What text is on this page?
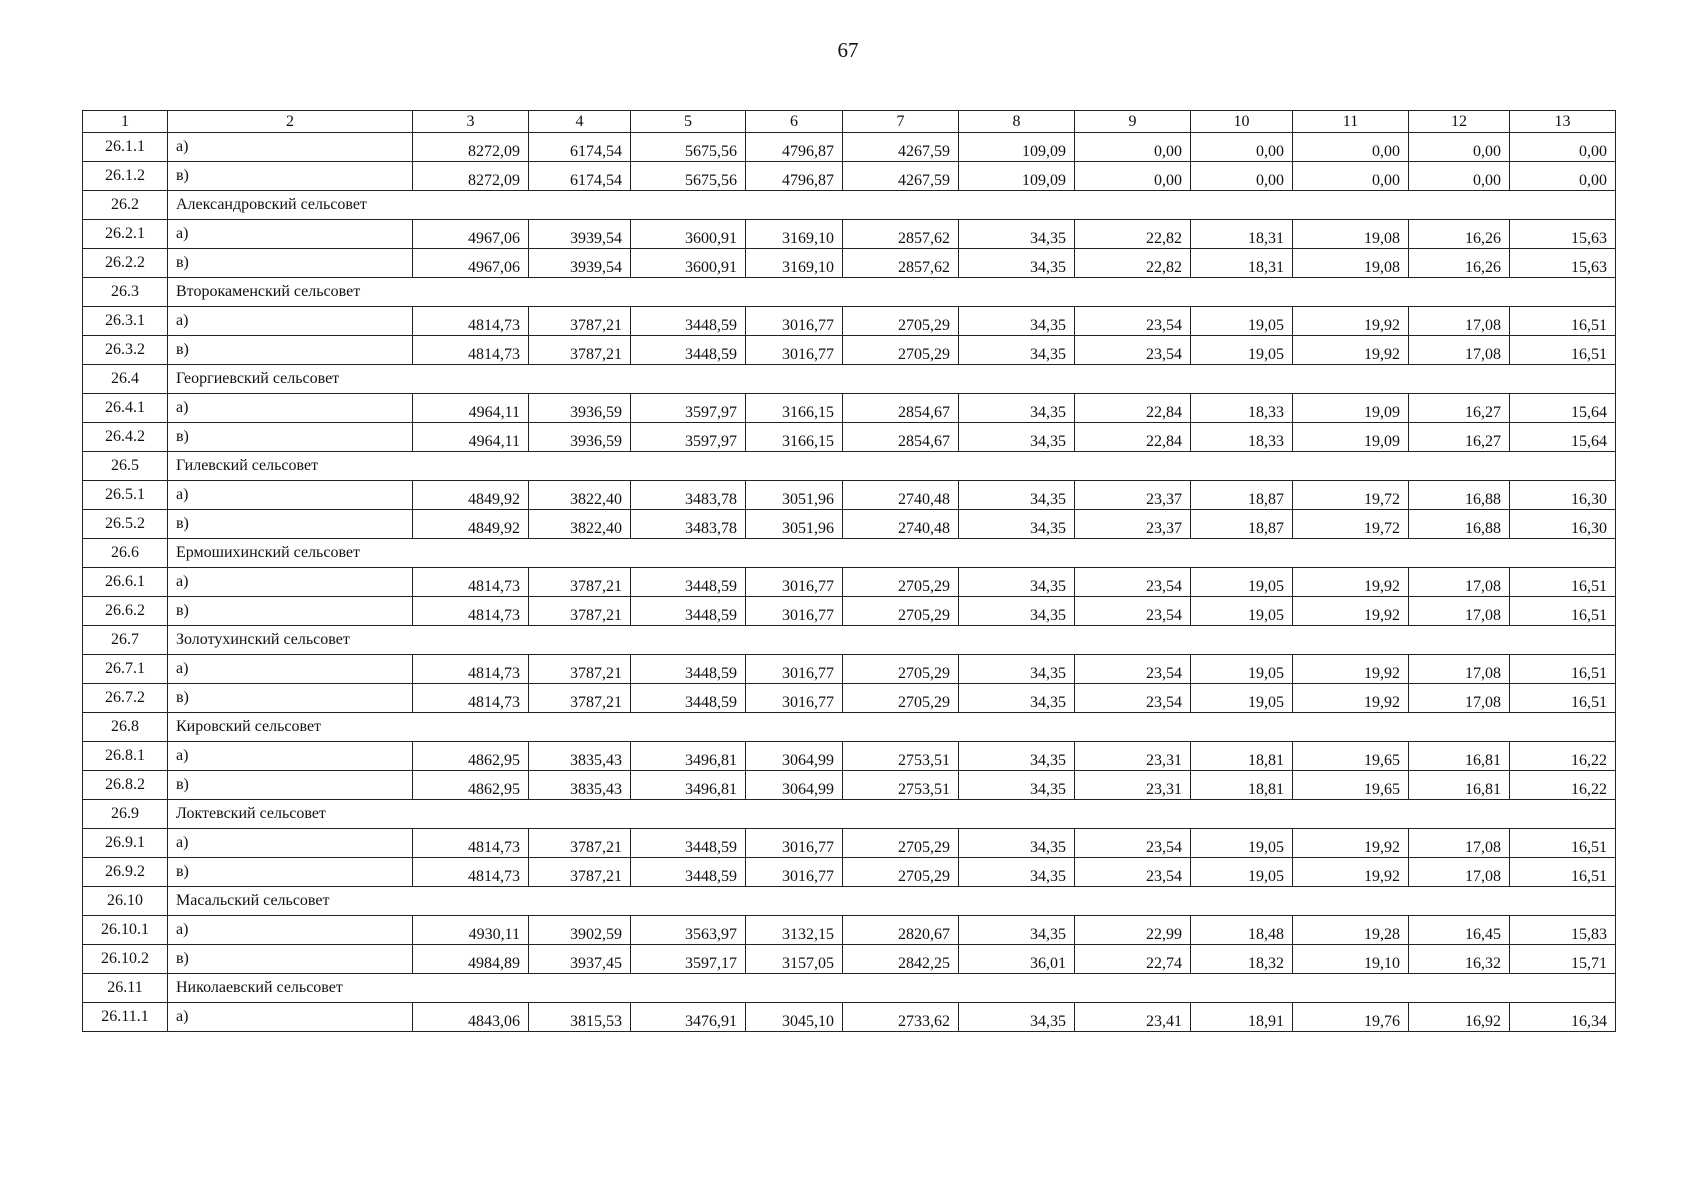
67
1	2	3	4	5	6	7	8	9	10	11	12	13
26.1.1	а)	8272,09	6174,54	5675,56	4796,87	4267,59	109,09	0,00	0,00	0,00	0,00	0,00
26.1.2	в)	8272,09	6174,54	5675,56	4796,87	4267,59	109,09	0,00	0,00	0,00	0,00	0,00
26.2	Александровский сельсовет											
26.2.1	а)	4967,06	3939,54	3600,91	3169,10	2857,62	34,35	22,82	18,31	19,08	16,26	15,63
26.2.2	в)	4967,06	3939,54	3600,91	3169,10	2857,62	34,35	22,82	18,31	19,08	16,26	15,63
26.3	Второкаменский сельсовет											
26.3.1	а)	4814,73	3787,21	3448,59	3016,77	2705,29	34,35	23,54	19,05	19,92	17,08	16,51
26.3.2	в)	4814,73	3787,21	3448,59	3016,77	2705,29	34,35	23,54	19,05	19,92	17,08	16,51
26.4	Георгиевский сельсовет											
26.4.1	а)	4964,11	3936,59	3597,97	3166,15	2854,67	34,35	22,84	18,33	19,09	16,27	15,64
26.4.2	в)	4964,11	3936,59	3597,97	3166,15	2854,67	34,35	22,84	18,33	19,09	16,27	15,64
26.5	Гилевский сельсовет											
26.5.1	а)	4849,92	3822,40	3483,78	3051,96	2740,48	34,35	23,37	18,87	19,72	16,88	16,30
26.5.2	в)	4849,92	3822,40	3483,78	3051,96	2740,48	34,35	23,37	18,87	19,72	16,88	16,30
26.6	Ермошихинский сельсовет											
26.6.1	а)	4814,73	3787,21	3448,59	3016,77	2705,29	34,35	23,54	19,05	19,92	17,08	16,51
26.6.2	в)	4814,73	3787,21	3448,59	3016,77	2705,29	34,35	23,54	19,05	19,92	17,08	16,51
26.7	Золотухинский сельсовет											
26.7.1	а)	4814,73	3787,21	3448,59	3016,77	2705,29	34,35	23,54	19,05	19,92	17,08	16,51
26.7.2	в)	4814,73	3787,21	3448,59	3016,77	2705,29	34,35	23,54	19,05	19,92	17,08	16,51
26.8	Кировский сельсовет											
26.8.1	а)	4862,95	3835,43	3496,81	3064,99	2753,51	34,35	23,31	18,81	19,65	16,81	16,22
26.8.2	в)	4862,95	3835,43	3496,81	3064,99	2753,51	34,35	23,31	18,81	19,65	16,81	16,22
26.9	Локтевский сельсовет											
26.9.1	а)	4814,73	3787,21	3448,59	3016,77	2705,29	34,35	23,54	19,05	19,92	17,08	16,51
26.9.2	в)	4814,73	3787,21	3448,59	3016,77	2705,29	34,35	23,54	19,05	19,92	17,08	16,51
26.10	Масальский сельсовет											
26.10.1	а)	4930,11	3902,59	3563,97	3132,15	2820,67	34,35	22,99	18,48	19,28	16,45	15,83
26.10.2	в)	4984,89	3937,45	3597,17	3157,05	2842,25	36,01	22,74	18,32	19,10	16,32	15,71
26.11	Николаевский сельсовет											
26.11.1	а)	4843,06	3815,53	3476,91	3045,10	2733,62	34,35	23,41	18,91	19,76	16,92	16,34
